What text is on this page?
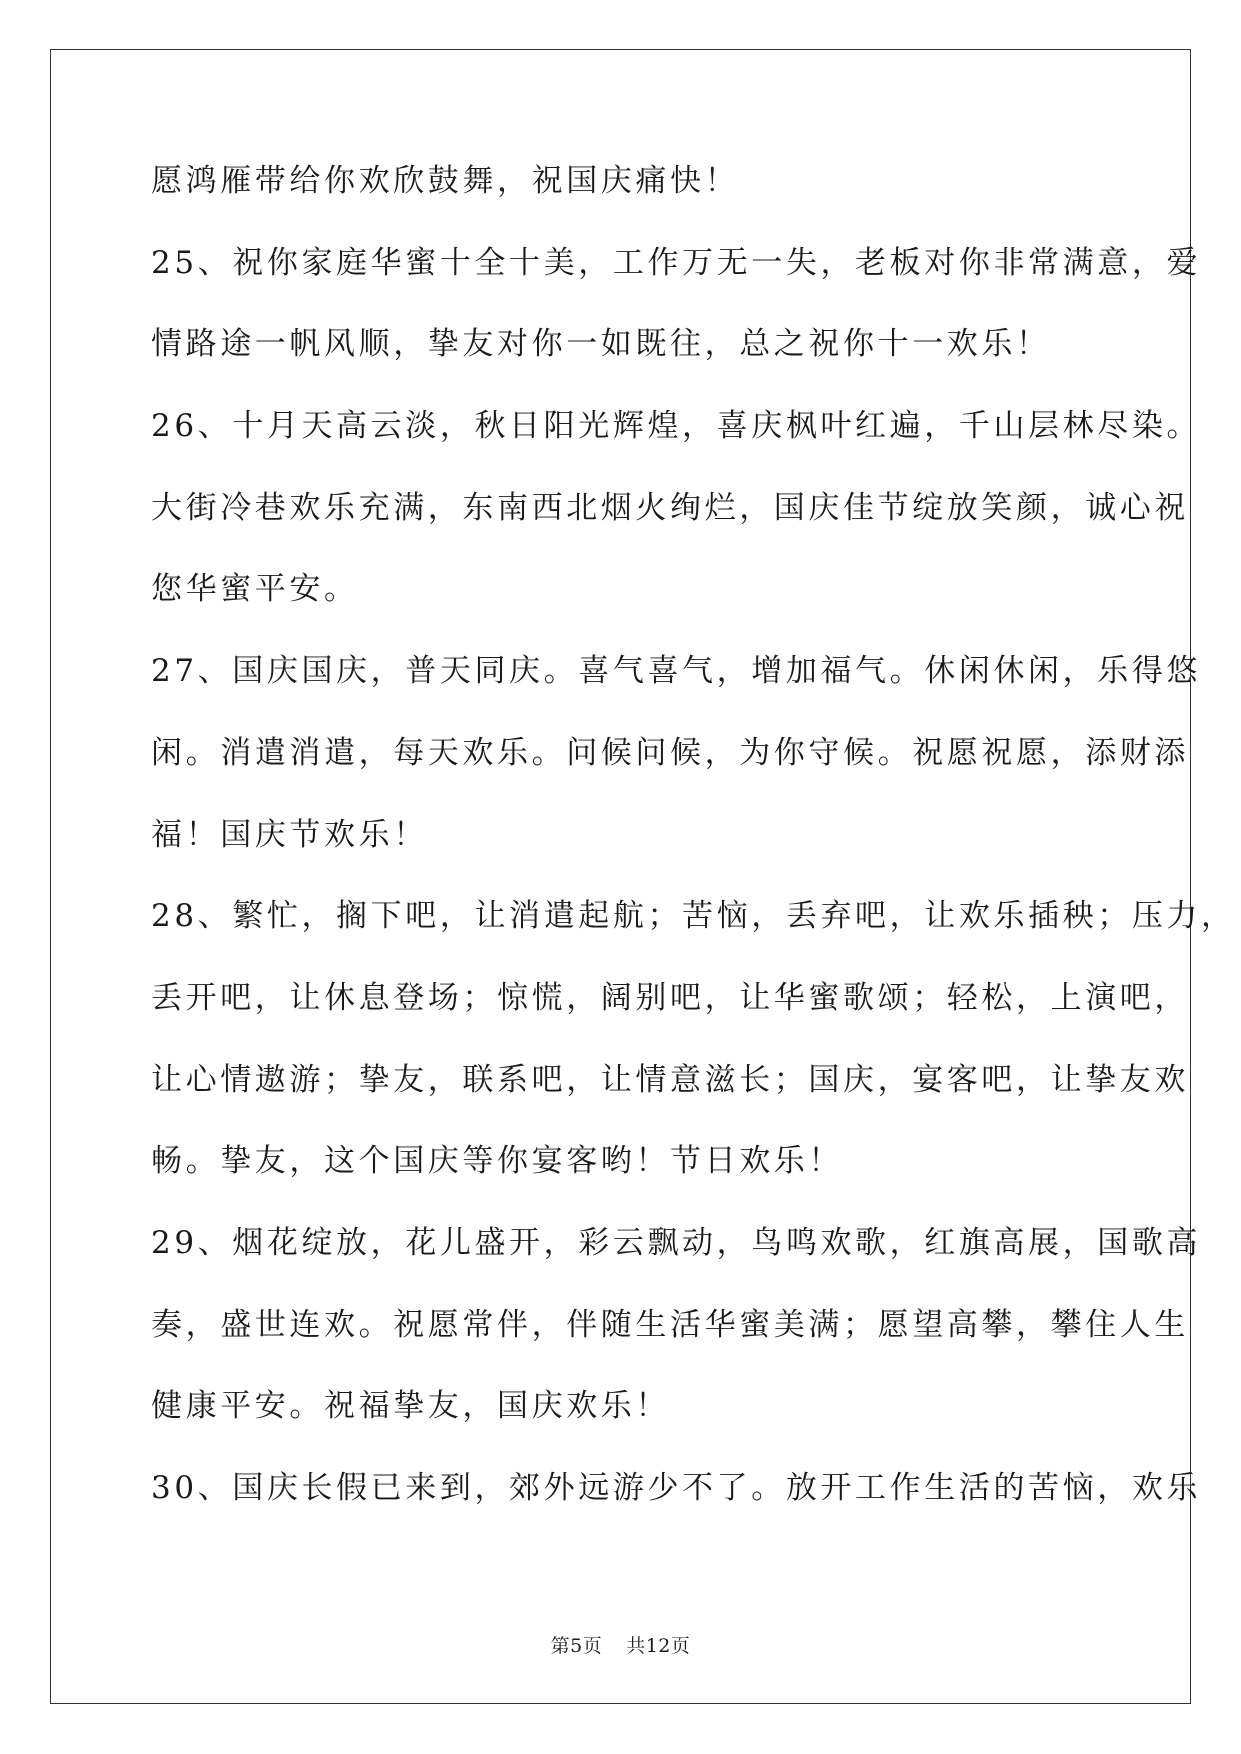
愿鸿雁带给你欢欣鼓舞，祝国庆痛快！
25、祝你家庭华蜜十全十美，工作万无一失，老板对你非常满意，爱
情路途一帆风顺，挚友对你一如既往，总之祝你十一欢乐！
26、十月天高云淡，秋日阳光辉煌，喜庆枫叶红遍，千山层林尽染。
大街冷巷欢乐充满，东南西北烟火绚烂，国庆佳节绽放笑颜，诚心祝
您华蜜平安。
27、国庆国庆，普天同庆。喜气喜气，增加福气。休闲休闲，乐得悠
闲。消遣消遣，每天欢乐。问候问候，为你守候。祝愿祝愿，添财添
福！国庆节欢乐！
28、繁忙，搁下吧，让消遣起航；苦恼，丢弃吧，让欢乐插秧；压力，
丢开吧，让休息登场；惊慌，阔别吧，让华蜜歌颂；轻松，上演吧，
让心情遨游；挚友，联系吧，让情意滋长；国庆，宴客吧，让挚友欢
畅。挚友，这个国庆等你宴客哟！节日欢乐！
29、烟花绽放，花儿盛开，彩云飘动，鸟鸣欢歌，红旗高展，国歌高
奏，盛世连欢。祝愿常伴，伴随生活华蜜美满；愿望高攀，攀住人生
健康平安。祝福挚友，国庆欢乐！
30、国庆长假已来到，郊外远游少不了。放开工作生活的苦恼，欢乐
第5页 共12页
